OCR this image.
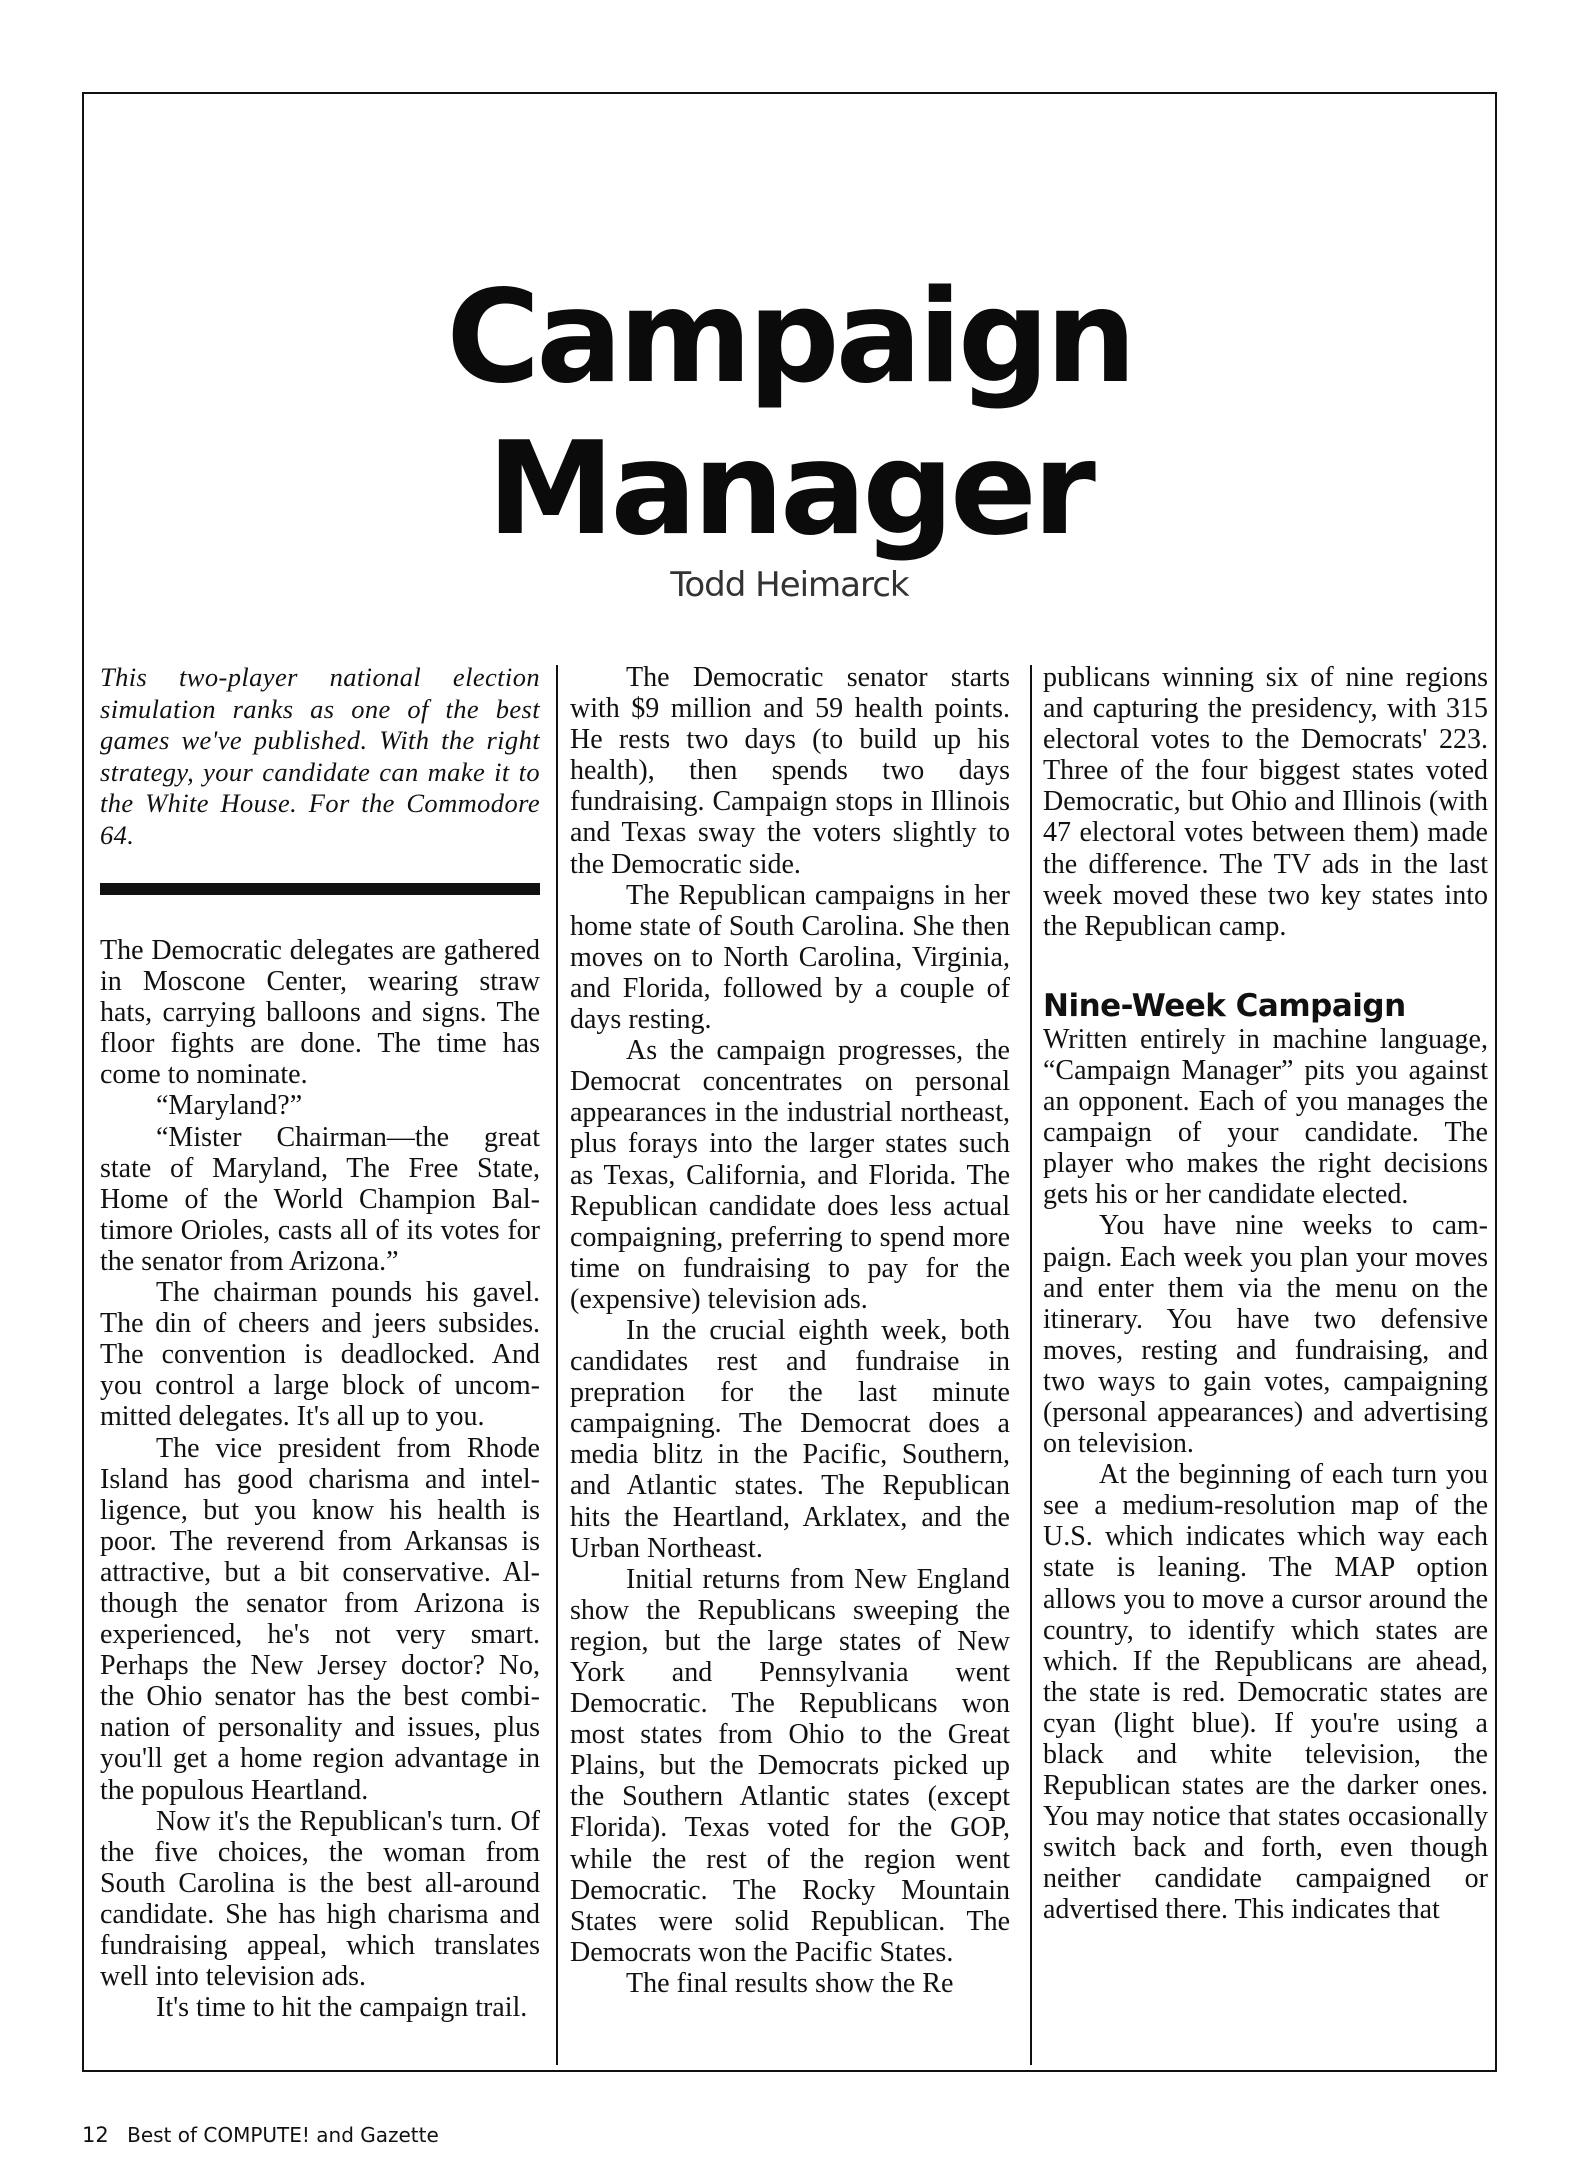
Campaign
Manager
Todd Heimarck

This two-player national election simulation ranks as one of the best games we've published. With the right strategy, your candidate can make it to the White House. For the Commodore 64.

The Democratic delegates are gathered in Moscone Center, wearing straw hats, carrying balloons and signs. The floor fights are done. The time has come to nominate.

“Maryland?”

“Mister Chairman—the great state of Maryland, The Free State, Home of the World Champion Baltimore Orioles, casts all of its votes for the senator from Arizona.”

The chairman pounds his gavel. The din of cheers and jeers subsides. The convention is deadlocked. And you control a large block of uncommitted delegates. It's all up to you.

The vice president from Rhode Island has good charisma and intelligence, but you know his health is poor. The reverend from Arkansas is attractive, but a bit conservative. Although the senator from Arizona is experienced, he's not very smart. Perhaps the New Jersey doctor? No, the Ohio senator has the best combination of personality and issues, plus you'll get a home region advantage in the populous Heartland.

Now it's the Republican's turn. Of the five choices, the woman from South Carolina is the best all-around candidate. She has high charisma and fundraising appeal, which translates well into television ads.

It's time to hit the campaign trail.

The Democratic senator starts with $9 million and 59 health points. He rests two days (to build up his health), then spends two days fundraising. Campaign stops in Illinois and Texas sway the voters slightly to the Democratic side.

The Republican campaigns in her home state of South Carolina. She then moves on to North Carolina, Virginia, and Florida, followed by a couple of days resting.

As the campaign progresses, the Democrat concentrates on personal appearances in the industrial northeast, plus forays into the larger states such as Texas, California, and Florida. The Republican candidate does less actual compaigning, preferring to spend more time on fundraising to pay for the (expensive) television ads.

In the crucial eighth week, both candidates rest and fundraise in prepration for the last minute campaigning. The Democrat does a media blitz in the Pacific, Southern, and Atlantic states. The Republican hits the Heartland, Arklatex, and the Urban Northeast.

Initial returns from New England show the Republicans sweeping the region, but the large states of New York and Pennsylvania went Democratic. The Republicans won most states from Ohio to the Great Plains, but the Democrats picked up the Southern Atlantic states (except Florida). Texas voted for the GOP, while the rest of the region went Democratic. The Rocky Mountain States were solid Republican. The Democrats won the Pacific States.

The final results show the Re

publicans winning six of nine regions and capturing the presidency, with 315 electoral votes to the Democrats' 223. Three of the four biggest states voted Democratic, but Ohio and Illinois (with 47 electoral votes between them) made the difference. The TV ads in the last week moved these two key states into the Republican camp.

Nine-Week Campaign

Written entirely in machine language, “Campaign Manager” pits you against an opponent. Each of you manages the campaign of your candidate. The player who makes the right decisions gets his or her candidate elected.

You have nine weeks to campaign. Each week you plan your moves and enter them via the menu on the itinerary. You have two defensive moves, resting and fundraising, and two ways to gain votes, campaigning (personal appearances) and advertising on television.

At the beginning of each turn you see a medium-resolution map of the U.S. which indicates which way each state is leaning. The MAP option allows you to move a cursor around the country, to identify which states are which. If the Republicans are ahead, the state is red. Democratic states are cyan (light blue). If you're using a black and white television, the Republican states are the darker ones. You may notice that states occasionally switch back and forth, even though neither candidate campaigned or advertised there. This indicates that

12 Best of COMPUTE! and Gazette
